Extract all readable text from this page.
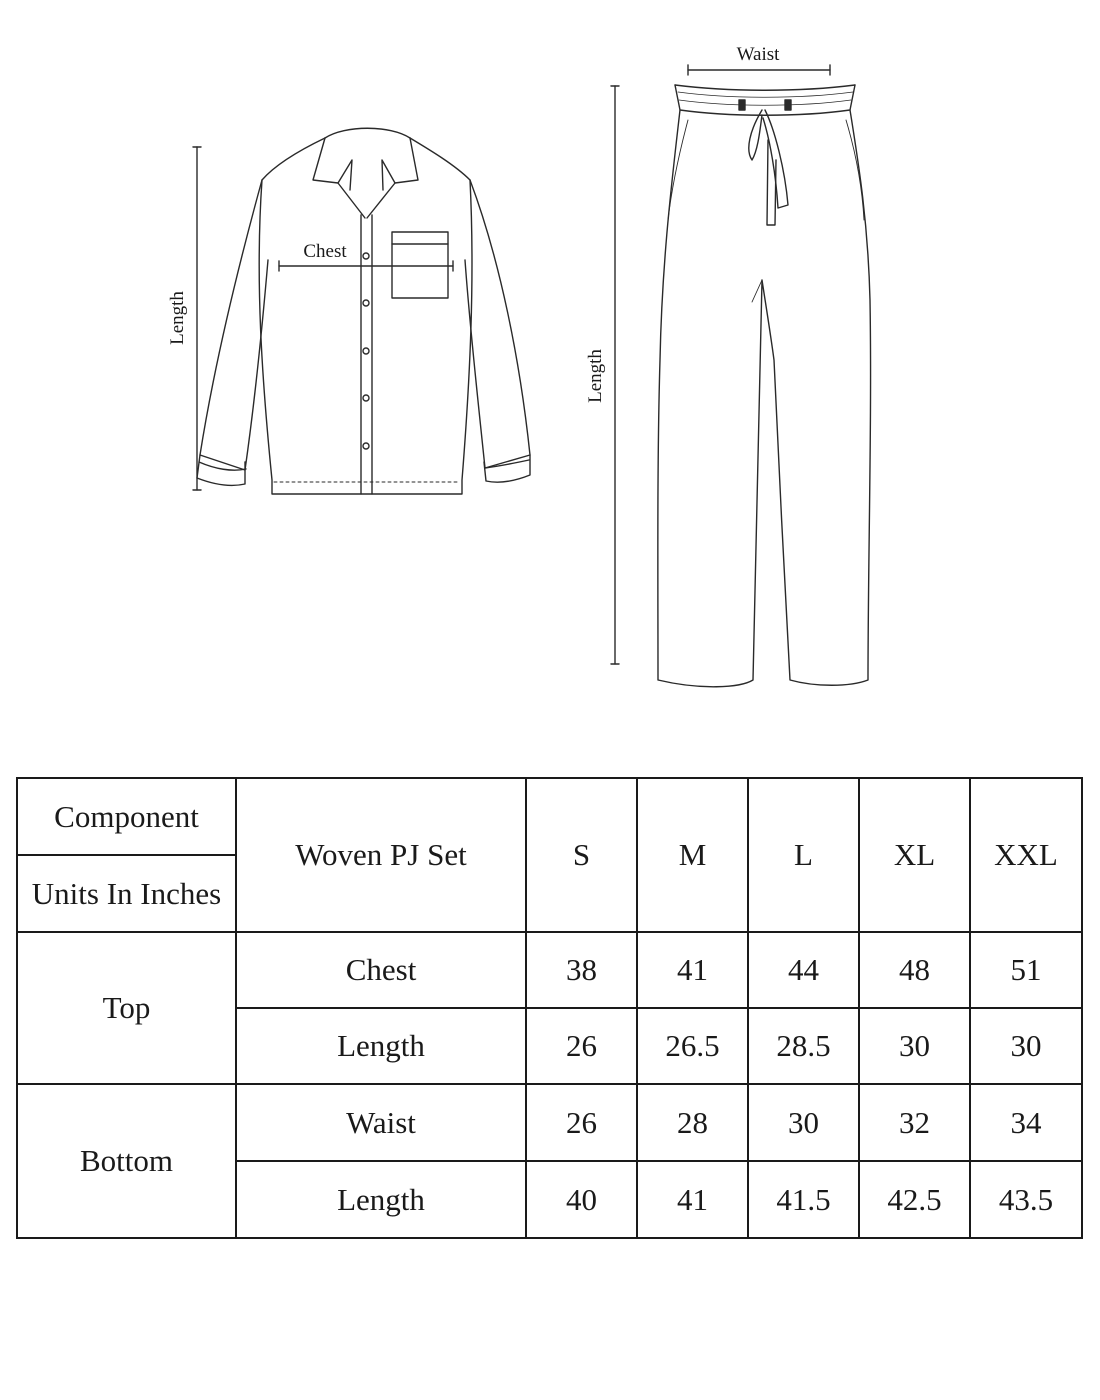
Chest
Length
Waist
Length
Component	Woven PJ Set	S	M	L	XL	XXL
Units In Inches						
Top	Chest	38	41	44	48	51
	Length	26	26.5	28.5	30	30
Bottom	Waist	26	28	30	32	34
	Length	40	41	41.5	42.5	43.5
